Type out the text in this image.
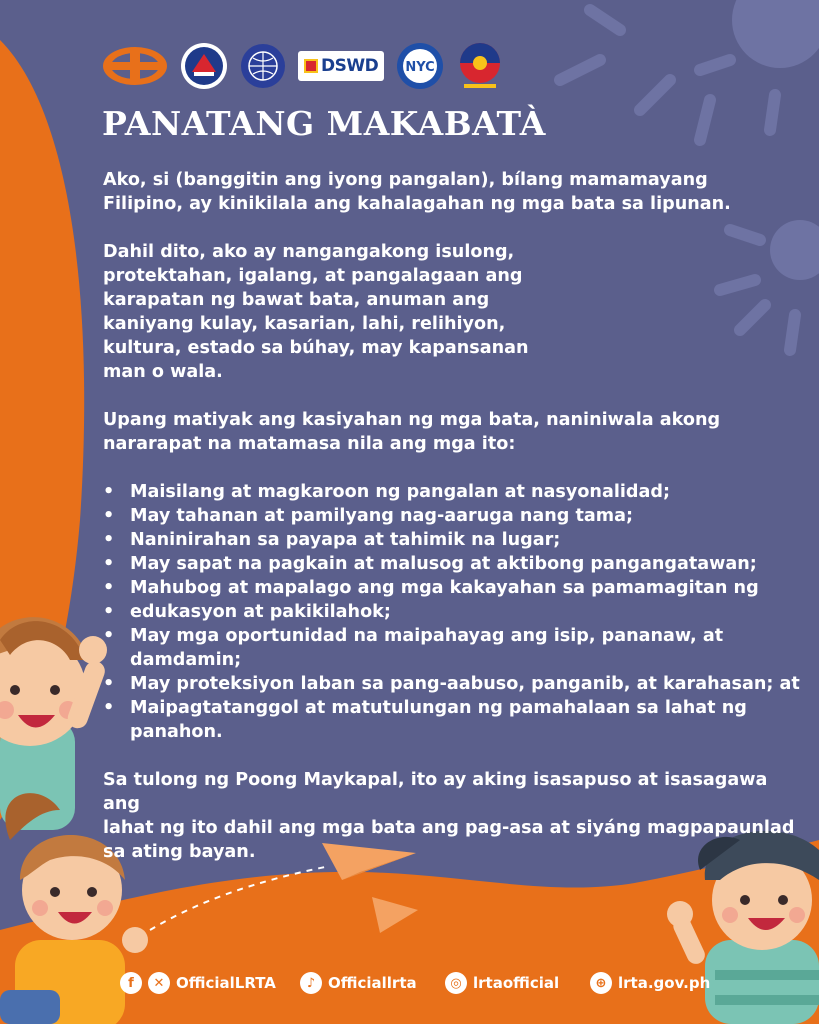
DSWD NYC
PANATANG MAKABATÀ

Ako, si (banggitin ang iyong pangalan), bílang mamamayang
Filipino, ay kinikilala ang kahalagahan ng mga bata sa lipunan.

Dahil dito, ako ay nangangakong isulong,
protektahan, igalang, at pangalagaan ang
karapatan ng bawat bata, anuman ang
kaniyang kulay, kasarian, lahi, relihiyon,
kultura, estado sa búhay, may kapansanan
man o wala.

Upang matiyak ang kasiyahan ng mga bata, naniniwala akong
nararapat na matamasa nila ang mga ito:

• Maisilang at magkaroon ng pangalan at nasyonalidad;
• May tahanan at pamilyang nag-aaruga nang tama;
• Naninirahan sa payapa at tahimik na lugar;
• May sapat na pagkain at malusog at aktibong pangangatawan;
• Mahubog at mapalago ang mga kakayahan sa pamamagitan ng
• edukasyon at pakikilahok;
• May mga oportunidad na maipahayag ang isip, pananaw, at
damdamin;
• May proteksiyon laban sa pang-aabuso, panganib, at karahasan; at
• Maipagtatanggol at matutulungan ng pamahalaan sa lahat ng
panahon.

Sa tulong ng Poong Maykapal, ito ay aking isasapuso at isasagawa ang
lahat ng ito dahil ang mga bata ang pag-asa at siyáng magpapaunlad
sa ating bayan.

f	✕ OfficialLRTA	♪ Officiallrta	◎ lrtaofficial	⊕ lrta.gov.ph
